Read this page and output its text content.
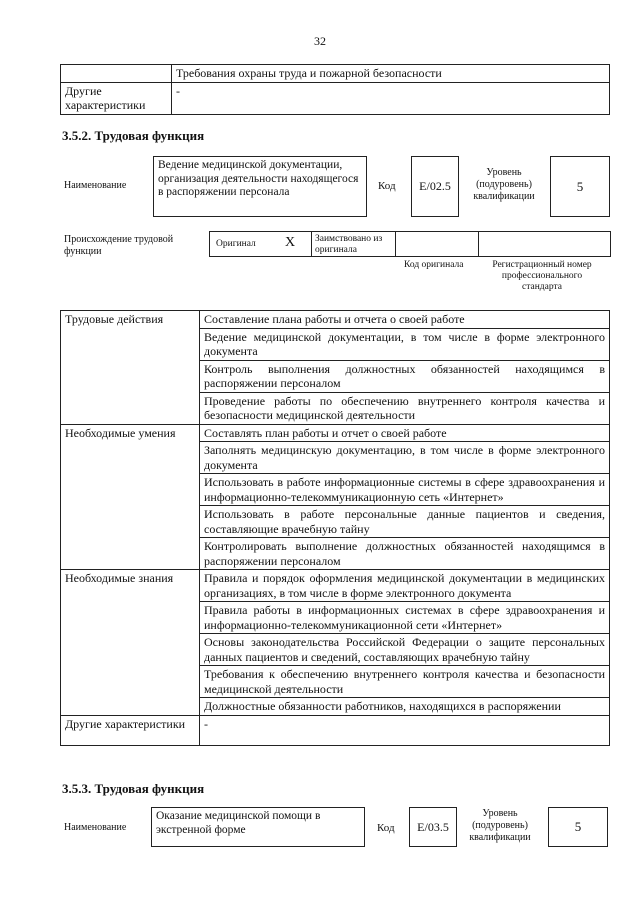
32
	Требования охраны труда и пожарной безопасности
Другие характеристики	-
3.5.2. Трудовая функция
Наименование
Ведение медицинской документации, организация деятельности находящегося в распоряжении персонала	Код	E/02.5
Уровень (подуровень) квалификации
5
Происхождение трудовой функции
Оригинал X Заимствовано из оригинала
Код оригинала	Регистрационный номер профессионального стандарта
Трудовые действия	Составление плана работы и отчета о своей работе
	Ведение медицинской документации, в том числе в форме электронного документа
	Контроль выполнения должностных обязанностей находящимся в распоряжении персоналом
	Проведение работы по обеспечению внутреннего контроля качества и безопасности медицинской деятельности
Необходимые умения	Составлять план работы и отчет о своей работе
	Заполнять медицинскую документацию, в том числе в форме электронного документа
	Использовать в работе информационные системы в сфере здравоохранения и информационно-телекоммуникационную сеть «Интернет»
	Использовать в работе персональные данные пациентов и сведения, составляющие врачебную тайну
	Контролировать выполнение должностных обязанностей находящимся в распоряжении персоналом
Необходимые знания	Правила и порядок оформления медицинской документации в медицинских организациях, в том числе в форме электронного документа
	Правила работы в информационных системах в сфере здравоохранения и информационно-телекоммуникационной сети «Интернет»
	Основы законодательства Российской Федерации о защите персональных данных пациентов и сведений, составляющих врачебную тайну
	Требования к обеспечению внутреннего контроля качества и безопасности медицинской деятельности
	Должностные обязанности работников, находящихся в распоряжении
Другие характеристики	-
3.5.3. Трудовая функция
Наименование
Оказание медицинской помощи в экстренной форме	Код	E/03.5
Уровень (подуровень) квалификации
5
